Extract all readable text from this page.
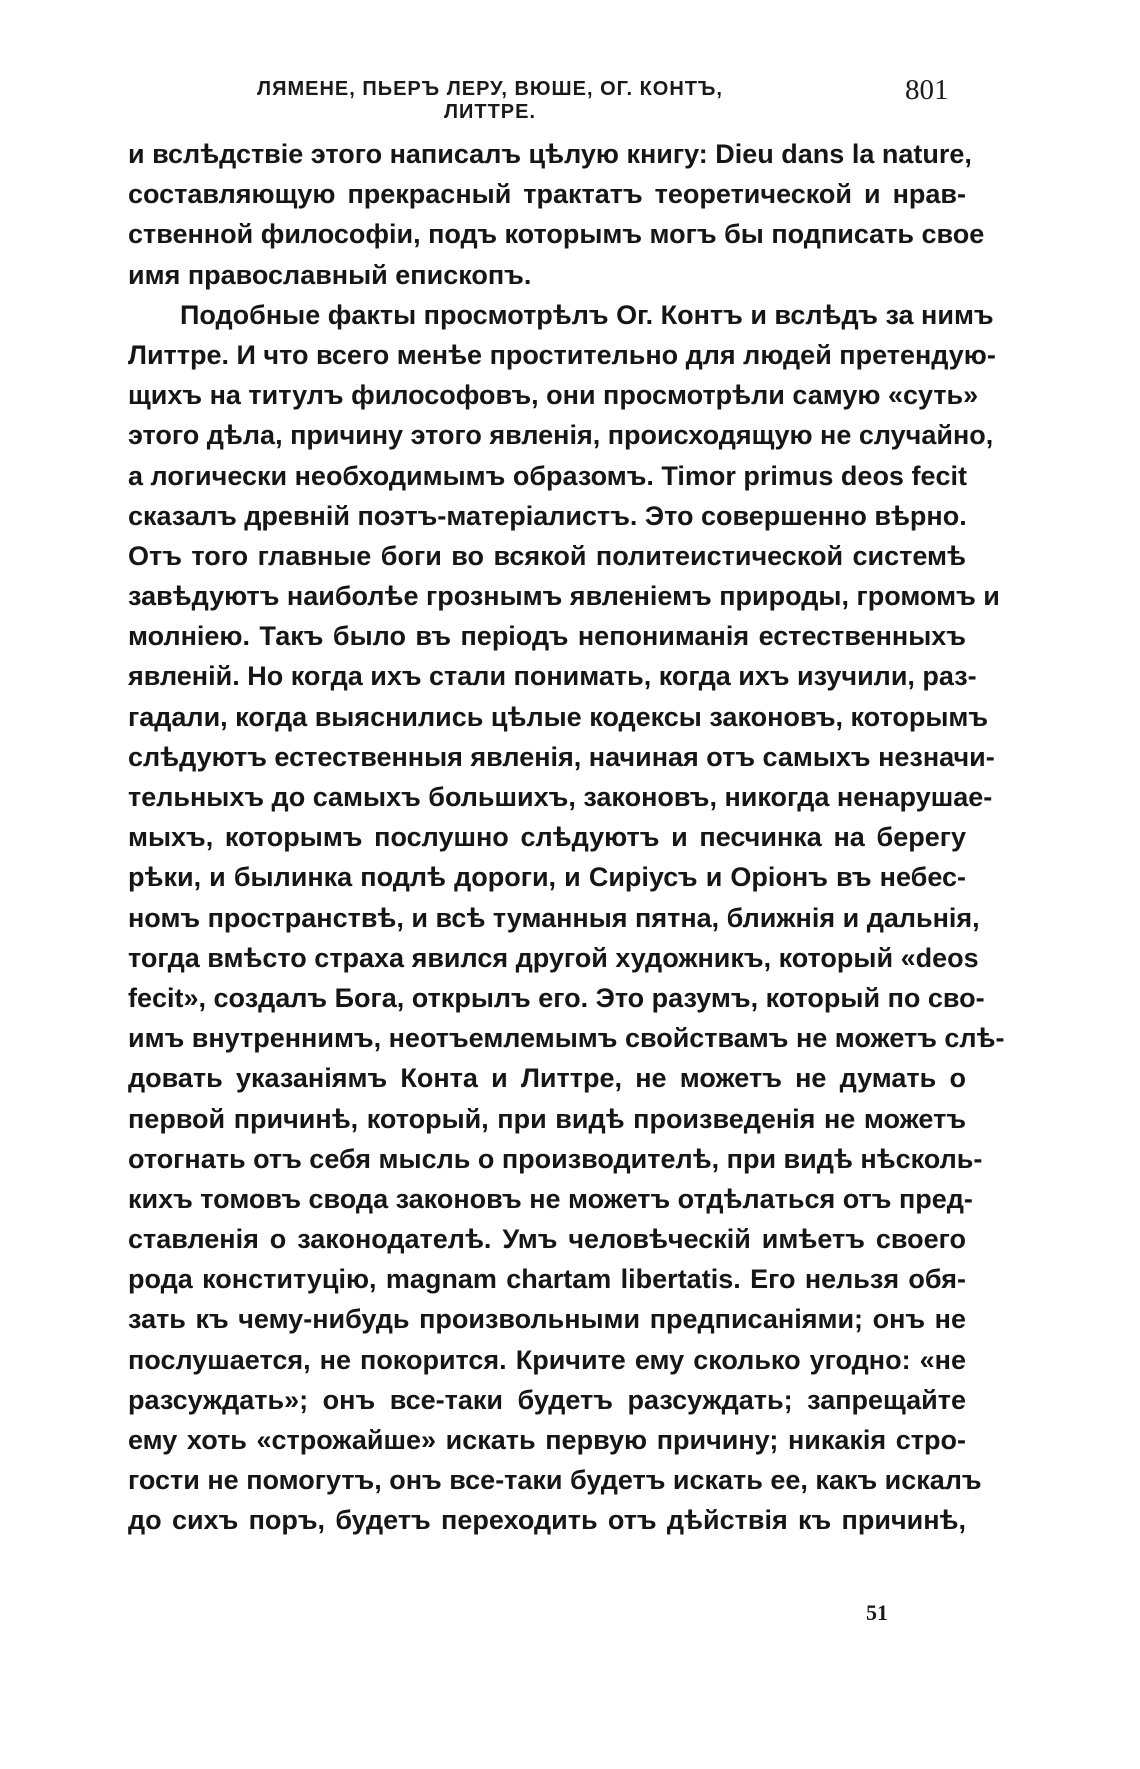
ЛЯМЕНЕ, ПЬЕРЪ ЛЕРУ, ВЮШЕ, ОГ. КОНТЪ, ЛИТТРЕ.
801
и вслѣдствіе этого написалъ цѣлую книгу: Dieu dans la nature,
составляющую прекрасный трактатъ теоретической и нрав-
ственной философіи, подъ которымъ могъ бы подписать свое
имя православный епископъ.
Подобные факты просмотрѣлъ Ог. Контъ и вслѣдъ за нимъ
Литтре. И что всего менѣе простительно для людей претендую-
щихъ на титулъ философовъ, они просмотрѣли самую «суть»
этого дѣла, причину этого явленія, происходящую не случайно,
а логически необходимымъ образомъ. Timor primus deos fecit
сказалъ древній поэтъ-матеріалистъ. Это совершенно вѣрно.
Отъ того главные боги во всякой политеистической системѣ
завѣдуютъ наиболѣе грознымъ явленіемъ природы, громомъ и
молніею. Такъ было въ періодъ непониманія естественныхъ
явленій. Но когда ихъ стали понимать, когда ихъ изучили, раз-
гадали, когда выяснились цѣлые кодексы законовъ, которымъ
слѣдуютъ естественныя явленія, начиная отъ самыхъ незначи-
тельныхъ до самыхъ большихъ, законовъ, никогда ненарушае-
мыхъ, которымъ послушно слѣдуютъ и песчинка на берегу
рѣки, и былинка подлѣ дороги, и Сиріусъ и Оріонъ въ небес-
номъ пространствѣ, и всѣ туманныя пятна, ближнія и дальнія,
тогда вмѣсто страха явился другой художникъ, который «deos
fecit», создалъ Бога, открылъ его. Это разумъ, который по сво-
имъ внутреннимъ, неотъемлемымъ свойствамъ не можетъ слѣ-
довать указаніямъ Конта и Литтре, не можетъ не думать о
первой причинѣ, который, при видѣ произведенія не можетъ
отогнать отъ себя мысль о производителѣ, при видѣ нѣсколь-
кихъ томовъ свода законовъ не можетъ отдѣлаться отъ пред-
ставленія о законодателѣ. Умъ человѣческій имѣетъ своего
рода конституцію, magnam chartam libertatis. Его нельзя обя-
зать къ чему-нибудь произвольными предписаніями; онъ не
послушается, не покорится. Кричите ему сколько угодно: «не
разсуждать»; онъ все-таки будетъ разсуждать; запрещайте
ему хоть «строжайше» искать первую причину; никакія стро-
гости не помогутъ, онъ все-таки будетъ искать ее, какъ искалъ
до сихъ поръ, будетъ переходить отъ дѣйствія къ причинѣ,
51
